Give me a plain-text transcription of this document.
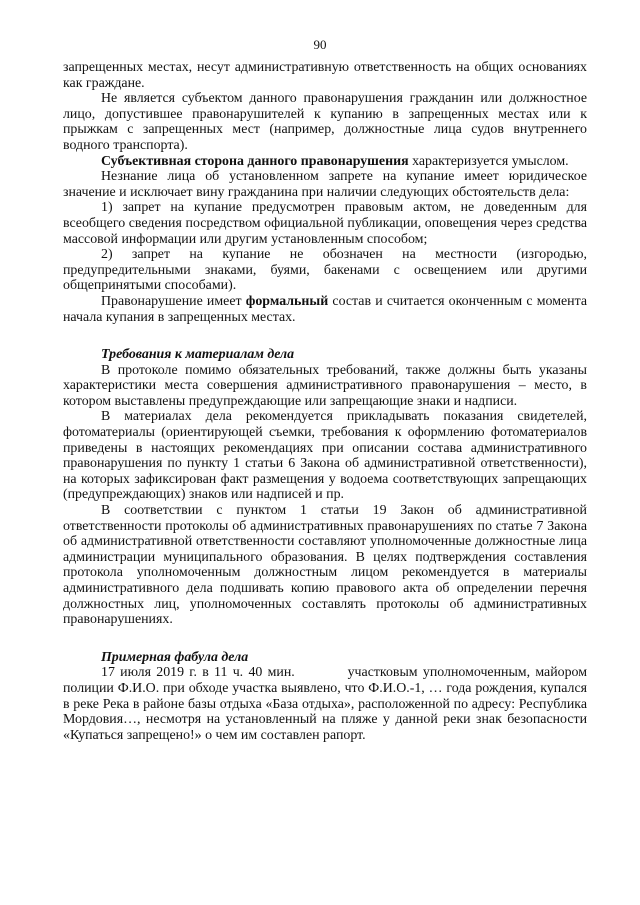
90

запрещенных местах, несут административную ответственность на общих основаниях как граждане.

Не является субъектом данного правонарушения гражданин или должностное лицо, допустившее правонарушителей к купанию в запрещенных местах или к прыжкам с запрещенных мест (например, должностные лица судов внутреннего водного транспорта).

Субъективная сторона данного правонарушения характеризуется умыслом.

Незнание лица об установленном запрете на купание имеет юридическое значение и исключает вину гражданина при наличии следующих обстоятельств дела:

1) запрет на купание предусмотрен правовым актом, не доведенным для всеобщего сведения посредством официальной публикации, оповещения через средства массовой информации или другим установленным способом;

2) запрет на купание не обозначен на местности (изгородью, предупредительными знаками, буями, бакенами с освещением или другими общепринятыми способами).

Правонарушение имеет формальный состав и считается оконченным с момента начала купания в запрещенных местах.

Требования к материалам дела

В протоколе помимо обязательных требований, также должны быть указаны характеристики места совершения административного правонарушения – место, в котором выставлены предупреждающие или запрещающие знаки и надписи.

В материалах дела рекомендуется прикладывать показания свидетелей, фотоматериалы (ориентирующей съемки, требования к оформлению фотоматериалов приведены в настоящих рекомендациях при описании состава административного правонарушения по пункту 1 статьи 6 Закона об административной ответственности), на которых зафиксирован факт размещения у водоема соответствующих запрещающих (предупреждающих) знаков или надписей и пр.

В соответствии с пунктом 1 статьи 19 Закон об административной ответственности протоколы об административных правонарушениях по статье 7 Закона об административной ответственности составляют уполномоченные должностные лица администрации муниципального образования. В целях подтверждения составления протокола уполномоченным должностным лицом рекомендуется в материалы административного дела подшивать копию правового акта об определении перечня должностных лиц, уполномоченных составлять протоколы об административных правонарушениях.

Примерная фабула дела

17 июля 2019 г. в 11 ч. 40 мин.          участковым уполномоченным, майором полиции Ф.И.О. при обходе участка выявлено, что Ф.И.О.-1, … года рождения, купался в реке Река в районе базы отдыха «База отдыха», расположенной по адресу: Республика Мордовия…, несмотря на установленный на пляже у данной реки знак безопасности «Купаться запрещено!» о чем им составлен рапорт.
